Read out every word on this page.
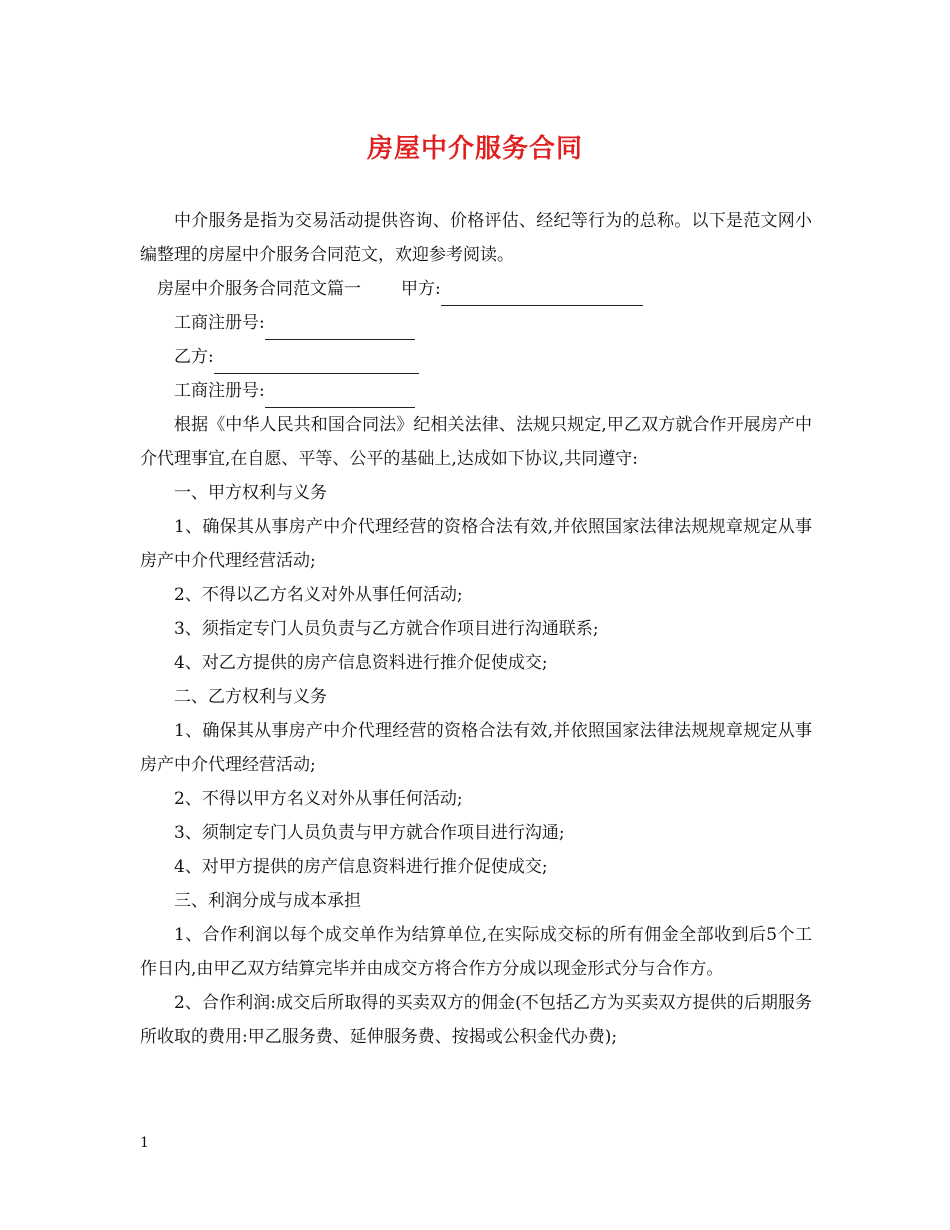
房屋中介服务合同

中介服务是指为交易活动提供咨询、价格评估、经纪等行为的总称。以下是范文网小编整理的房屋中介服务合同范文，欢迎参考阅读。

房屋中介服务合同范文篇一 甲方:

工商注册号:

乙方:

工商注册号:

根据《中华人民共和国合同法》纪相关法律、法规只规定,甲乙双方就合作开展房产中介代理事宜,在自愿、平等、公平的基础上,达成如下协议,共同遵守:

一、甲方权利与义务

1、确保其从事房产中介代理经营的资格合法有效,并依照国家法律法规规章规定从事房产中介代理经营活动;

2、不得以乙方名义对外从事任何活动;

3、须指定专门人员负责与乙方就合作项目进行沟通联系;

4、对乙方提供的房产信息资料进行推介促使成交;

二、乙方权利与义务

1、确保其从事房产中介代理经营的资格合法有效,并依照国家法律法规规章规定从事房产中介代理经营活动;

2、不得以甲方名义对外从事任何活动;

3、须制定专门人员负责与甲方就合作项目进行沟通;

4、对甲方提供的房产信息资料进行推介促使成交;

三、利润分成与成本承担

1、合作利润以每个成交单作为结算单位,在实际成交标的所有佣金全部收到后5个工作日内,由甲乙双方结算完毕并由成交方将合作方分成以现金形式分与合作方。

2、合作利润:成交后所取得的买卖双方的佣金(不包括乙方为买卖双方提供的后期服务所收取的费用:甲乙服务费、延伸服务费、按揭或公积金代办费);

1
